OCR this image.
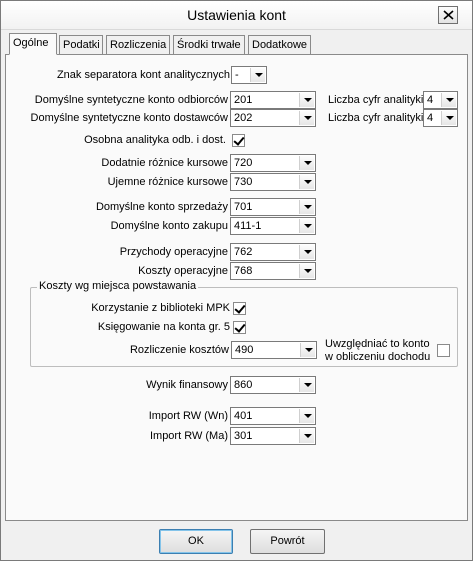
Ustawienia kont
Ogólne	Podatki Rozliczenia Środki trwałe	Dodatkowe
Znak separatora kont analitycznych -
Domyślne syntetyczne konto odbiorców 201	Liczba cyfr analityki 4
Domyślne syntetyczne konto dostawców 202	Liczba cyfr analityki 4
Osobna analityka odb. i dost.
Dodatnie różnice kursowe 720
Ujemne różnice kursowe 730
Domyślne konto sprzedaży 701
Domyślne konto zakupu 411-1
Przychody operacyjne 762
Koszty operacyjne 768
Wynik finansowy 860
Import RW (Wn) 401
Import RW (Ma) 301
Koszty wg miejsca powstawania
Korzystanie z biblioteki MPK
Księgowanie na konta gr. 5
Rozliczenie kosztów 490	Uwzględniać to konto
w obliczeniu dochodu
OK	Powrót
